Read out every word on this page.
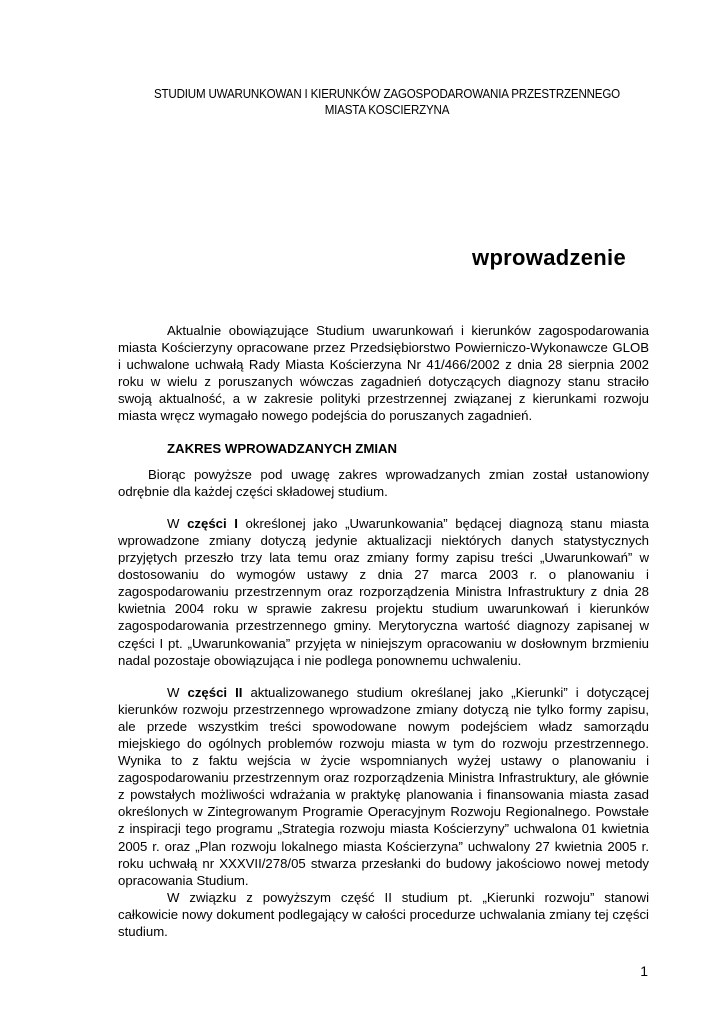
STUDIUM UWARUNKOWAN I KIERUNKÓW ZAGOSPODAROWANIA PRZESTRZENNEGO
MIASTA KOSCIERZYNA
wprowadzenie

Aktualnie obowiązujące Studium uwarunkowań i kierunków zagospodarowania miasta Kościerzyny opracowane przez Przedsiębiorstwo Powierniczo-Wykonawcze GLOB i uchwalone uchwałą Rady Miasta Kościerzyna Nr 41/466/2002 z dnia 28 sierpnia 2002 roku w wielu z poruszanych wówczas zagadnień dotyczących diagnozy stanu straciło swoją aktualność, a w zakresie polityki przestrzennej związanej z kierunkami rozwoju miasta wręcz wymagało nowego podejścia do poruszanych zagadnień.

ZAKRES WPROWADZANYCH ZMIAN

Biorąc powyższe pod uwagę zakres wprowadzanych zmian został ustanowiony odrębnie dla każdej części składowej studium.

W części I określonej jako „Uwarunkowania” będącej diagnozą stanu miasta wprowadzone zmiany dotyczą jedynie aktualizacji niektórych danych statystycznych przyjętych przeszło trzy lata temu oraz zmiany formy zapisu treści „Uwarunkowań” w dostosowaniu do wymogów ustawy z dnia 27 marca 2003 r. o planowaniu i zagospodarowaniu przestrzennym oraz rozporządzenia Ministra Infrastruktury z dnia 28 kwietnia 2004 roku w sprawie zakresu projektu studium uwarunkowań i kierunków zagospodarowania przestrzennego gminy. Merytoryczna wartość diagnozy zapisanej w części I pt. „Uwarunkowania” przyjęta w niniejszym opracowaniu w dosłownym brzmieniu nadal pozostaje obowiązująca i nie podlega ponownemu uchwaleniu.

W części II aktualizowanego studium określanej jako „Kierunki” i dotyczącej kierunków rozwoju przestrzennego wprowadzone zmiany dotyczą nie tylko formy zapisu, ale przede wszystkim treści spowodowane nowym podejściem władz samorządu miejskiego do ogólnych problemów rozwoju miasta w tym do rozwoju przestrzennego. Wynika to z faktu wejścia w życie wspomnianych wyżej ustawy o planowaniu i zagospodarowaniu przestrzennym oraz rozporządzenia Ministra Infrastruktury, ale głównie z powstałych możliwości wdrażania w praktykę planowania i finansowania miasta zasad określonych w Zintegrowanym Programie Operacyjnym Rozwoju Regionalnego. Powstałe z inspiracji tego programu „Strategia rozwoju miasta Kościerzyny” uchwalona 01 kwietnia 2005 r. oraz „Plan rozwoju lokalnego miasta Kościerzyna” uchwalony 27 kwietnia 2005 r. roku uchwałą nr XXXVII/278/05 stwarza przesłanki do budowy jakościowo nowej metody opracowania Studium.

W związku z powyższym część II studium pt. „Kierunki rozwoju” stanowi całkowicie nowy dokument podlegający w całości procedurze uchwalania zmiany tej części studium.

1
